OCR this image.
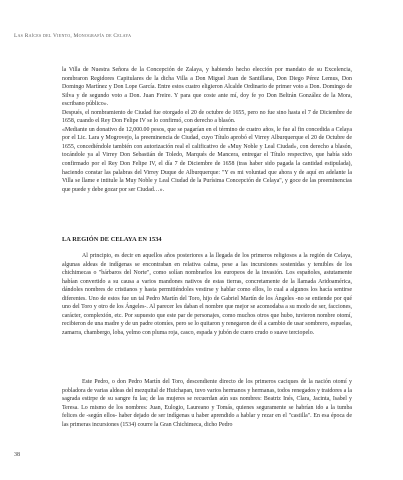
Las Raíces del Viento, Monografía de Celaya

la Villa de Nuestra Señora de la Concepción de Zalaya, y habiendo hecho elección por mandato de su Excelencia, nombraron Regidores Capitulares de la dicha Villa a Don Miguel Juan de Santillana, Don Diego Pérez Lemus, Don Domingo Martínez y Don Lope García. Entre estos cuatro eligieron Alcalde Ordinario de primer voto a Don. Domingo de Silva y de segundo voto a Don. Juan Freire. Y para que coste ante mí, doy fe yo Don Beltrán González de la Mora, escribano público».

Después, el nombramiento de Ciudad fue otorgado el 20 de octubre de 1655, pero no fue sino hasta el 7 de Diciembre de 1658, cuando el Rey Don Felipe IV se lo confirmó, con derecho a blasón.

«Mediante un donativo de 12,000.00 pesos, que se pagarían en el término de cuatro años, le fue al fin concedida a Celaya por el Lic. Lara y Mogrovejo, la preeminencia de Ciudad, cuyo Título aprobó el Virrey Alburquerque el 20 de Octubre de 1655, concediéndole también con autorización real el calificativo de «Muy Noble y Leal Ciudad», con derecho a blasón, tocándole ya al Virrey Don Sebastián de Toledo, Marqués de Mancera, entregar el Título respectivo, que había sido confirmado por el Rey Don Felipe IV, el día 7 de Diciembre de 1658 (tras haber sido pagada la cantidad estipulada), haciendo constar las palabras del Virrey Duque de Alburquerque: "Y es mi voluntad que ahora y de aquí en adelante la Villa se llame e intitule la Muy Noble y Leal Ciudad de la Purísima Concepción de Celaya", y goce de las preeminencias que puede y debe gozar por ser Ciudad…».

LA REGIÓN DE CELAYA EN 1534

Al principio, es decir en aquellos años posteriores a la llegada de los primeros religiosos a la región de Celaya, algunas aldeas de indígenas se encontraban en relativa calma, pese a las incursiones sostenidas y temibles de los chichimecas o "bárbaros del Norte", como solían nombrarlos los europeos de la invasión. Los españoles, astutamente habían convertido a su causa a varios mandones nativos de estas tierras, concretamente de la llamada Aridoamérica, dándoles nombres de cristianos y hasta permitiéndoles vestirse y hablar como ellos, lo cual a algunos los hacía sentirse diferentes. Uno de estos fue un tal Pedro Martín del Toro, hijo de Gabriel Martín de los Ángeles -no se entiende por qué uno del Toro y otro de los Ángeles-. Al parecer les daban el nombre que mejor se acomodaba a su modo de ser, facciones, carácter, complexión, etc. Por supuesto que este par de personajes, como muchos otros que hubo, tuvieron nombre otomí, recibieron de una madre y de un padre otomíes, pero se lo quitaron y renegaron de él a cambio de usar sombrero, espuelas, zamarra, chambergo, loba, yelmo con pluma roja, casco, espada y jubón de cuero crudo o suave terciopelo.

Este Pedro, o don Pedro Martín del Toro, descendiente directo de los primeros caciques de la nación otomí y pobladora de varias aldeas del mezquital de Huichapan, tuvo varios hermanos y hermanas, todos renegados y traidores a la sagrada estirpe de su sangre fu las; de las mujeres se recuerdan aún sus nombres: Beatriz Inés, Clara, Jacinta, Isabel y Teresa. Lo mismo de los nombres: Juan, Eulogio, Laureano y Tomás, quienes seguramente se habrían ido a la tumba felices de -según ellos- haber dejado de ser indígenas u haber aprendido a hablar y rezar en el "castilla". En esa época de las primeras incursiones (1534) courre la Gran Chichimeca, dicho Pedro

38
